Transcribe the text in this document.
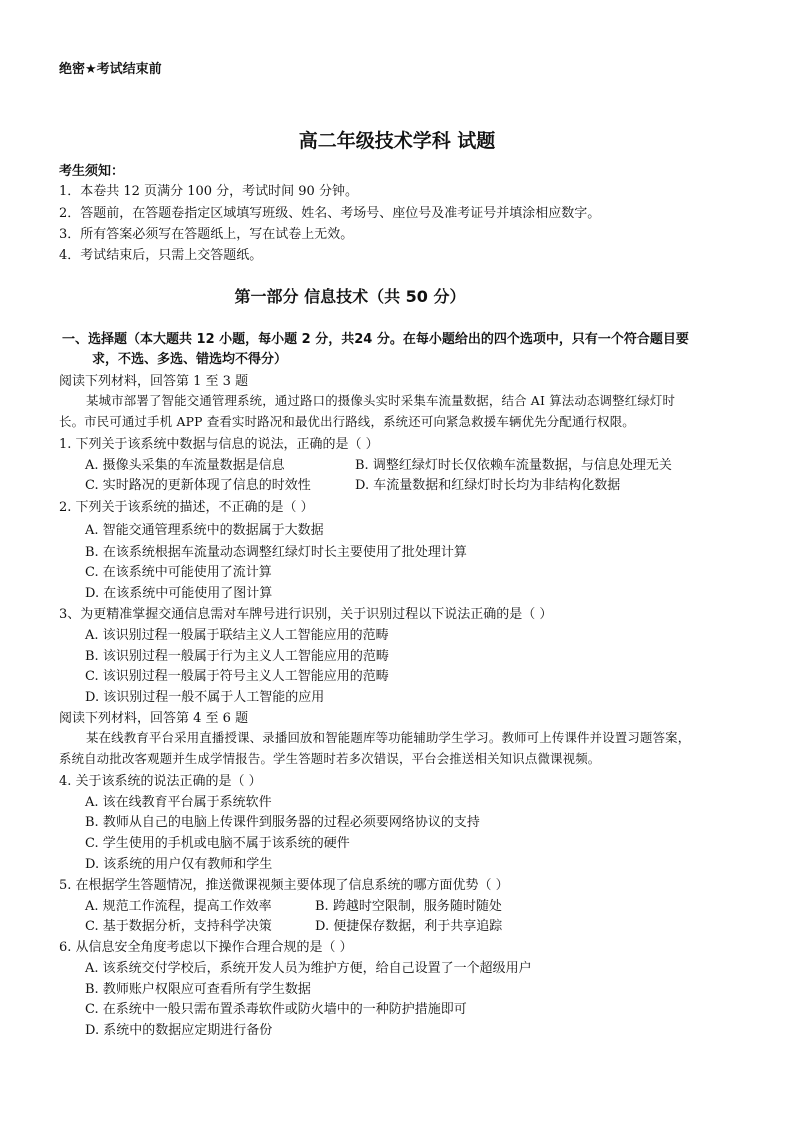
绝密★考试结束前
高二年级技术学科 试题
考生须知：
1．本卷共 12 页满分 100 分，考试时间 90 分钟。
2．答题前，在答题卷指定区域填写班级、姓名、考场号、座位号及准考证号并填涂相应数字。
3．所有答案必须写在答题纸上，写在试卷上无效。
4．考试结束后，只需上交答题纸。
第一部分 信息技术（共 50 分）
一、选择题（本大题共 12 小题，每小题 2 分，共24 分。在每小题给出的四个选项中，只有一个符合题目要
求，不选、多选、错选均不得分）
阅读下列材料，回答第 1 至 3 题
某城市部署了智能交通管理系统，通过路口的摄像头实时采集车流量数据，结合 AI 算法动态调整红绿灯时
长。市民可通过手机 APP 查看实时路况和最优出行路线，系统还可向紧急救援车辆优先分配通行权限。
1. 下列关于该系统中数据与信息的说法，正确的是（ ）
A. 摄像头采集的车流量数据是信息	B. 调整红绿灯时长仅依赖车流量数据，与信息处理无关
C. 实时路况的更新体现了信息的时效性	D. 车流量数据和红绿灯时长均为非结构化数据
2. 下列关于该系统的描述，不正确的是（ ）
A. 智能交通管理系统中的数据属于大数据
B. 在该系统根据车流量动态调整红绿灯时长主要使用了批处理计算
C. 在该系统中可能使用了流计算
D. 在该系统中可能使用了图计算
3、为更精准掌握交通信息需对车牌号进行识别，关于识别过程以下说法正确的是（ ）
A. 该识别过程一般属于联结主义人工智能应用的范畴
B. 该识别过程一般属于行为主义人工智能应用的范畴
C. 该识别过程一般属于符号主义人工智能应用的范畴
D. 该识别过程一般不属于人工智能的应用
阅读下列材料，回答第 4 至 6 题
某在线教育平台采用直播授课、录播回放和智能题库等功能辅助学生学习。教师可上传课件并设置习题答案，
系统自动批改客观题并生成学情报告。学生答题时若多次错误，平台会推送相关知识点微课视频。
4. 关于该系统的说法正确的是（ ）
A. 该在线教育平台属于系统软件
B. 教师从自己的电脑上传课件到服务器的过程必须要网络协议的支持
C. 学生使用的手机或电脑不属于该系统的硬件
D. 该系统的用户仅有教师和学生
5. 在根据学生答题情况，推送微课视频主要体现了信息系统的哪方面优势（ ）
A. 规范工作流程，提高工作效率	B. 跨越时空限制，服务随时随处
C. 基于数据分析，支持科学决策	D. 便捷保存数据，利于共享追踪
6. 从信息安全角度考虑以下操作合理合规的是（ ）
A. 该系统交付学校后，系统开发人员为维护方便，给自己设置了一个超级用户
B. 教师账户权限应可查看所有学生数据
C. 在系统中一般只需布置杀毒软件或防火墙中的一种防护措施即可
D. 系统中的数据应定期进行备份
